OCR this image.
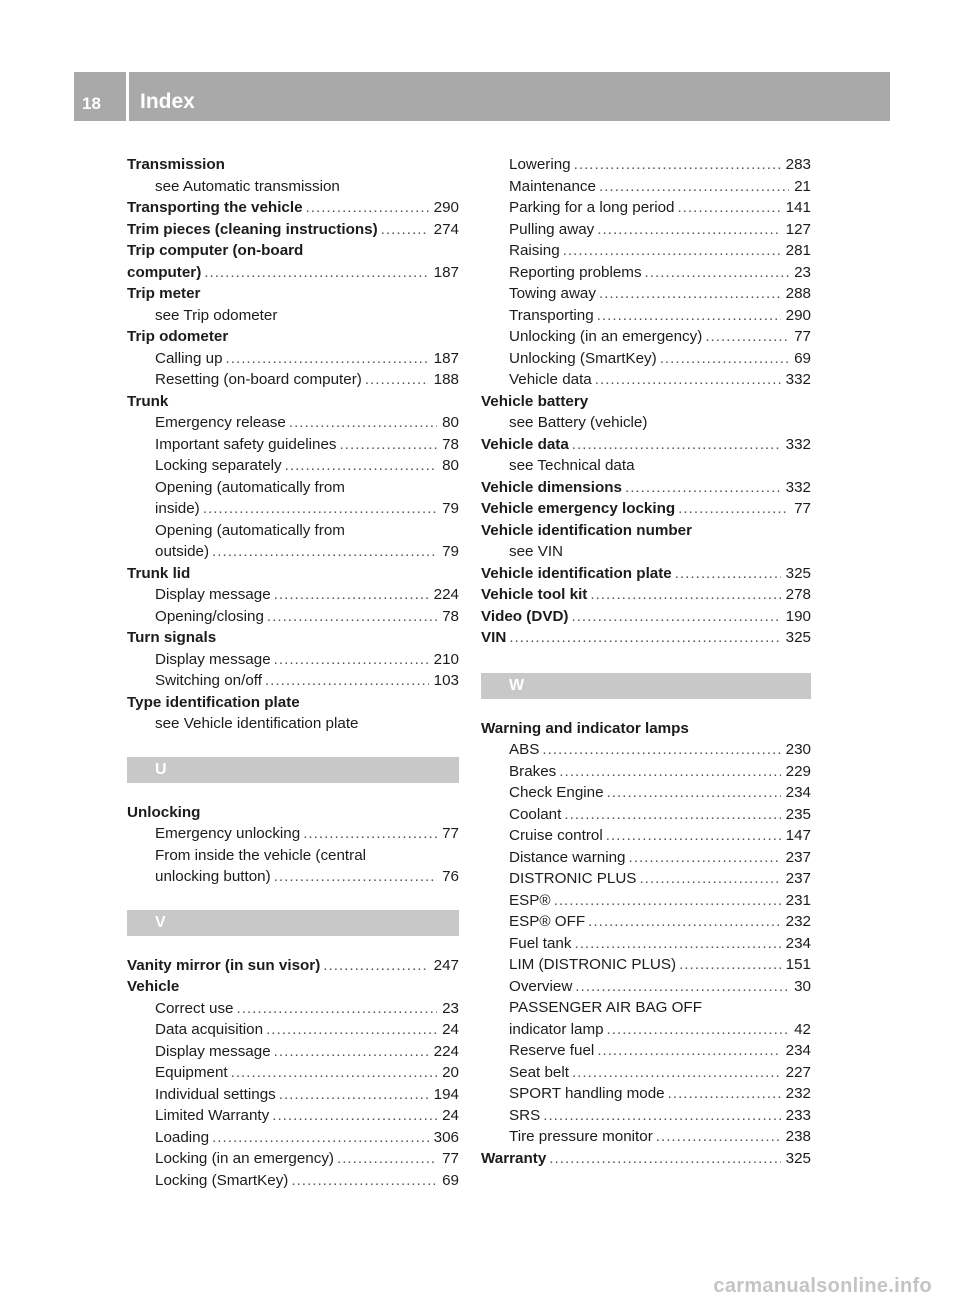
18 Index
Transmission
see Automatic transmission
Transporting the vehicle .....	290
Trim pieces (cleaning instructions) .....	274
Trip computer (on-board
computer) .....	187
Trip meter
see Trip odometer
Trip odometer
Calling up .....	187
Resetting (on-board computer) .....	188
Trunk
Emergency release .....	80
Important safety guidelines .....	78
Locking separately .....	80
Opening (automatically from
inside) .....	79
Opening (automatically from
outside) .....	79
Trunk lid
Display message .....	224
Opening/closing .....	78
Turn signals
Display message .....	210
Switching on/off .....	103
Type identification plate
see Vehicle identification plate
U
Unlocking
Emergency unlocking .....	77
From inside the vehicle (central
unlocking button) .....	76
V
Vanity mirror (in sun visor) .....	247
Vehicle
Correct use .....	23
Data acquisition .....	24
Display message .....	224
Equipment .....	20
Individual settings .....	194
Limited Warranty .....	24
Loading .....	306
Locking (in an emergency) .....	77
Locking (SmartKey) .....	69
Lowering .....	283
Maintenance .....	21
Parking for a long period .....	141
Pulling away .....	127
Raising .....	281
Reporting problems .....	23
Towing away .....	288
Transporting .....	290
Unlocking (in an emergency) .....	77
Unlocking (SmartKey) .....	69
Vehicle data .....	332
Vehicle battery
see Battery (vehicle)
Vehicle data .....	332
see Technical data
Vehicle dimensions .....	332
Vehicle emergency locking .....	77
Vehicle identification number
see VIN
Vehicle identification plate .....	325
Vehicle tool kit .....	278
Video (DVD) .....	190
VIN .....	325
W
Warning and indicator lamps
ABS .....	230
Brakes .....	229
Check Engine .....	234
Coolant .....	235
Cruise control .....	147
Distance warning .....	237
DISTRONIC PLUS .....	237
ESP® .....	231
ESP® OFF .....	232
Fuel tank .....	234
LIM (DISTRONIC PLUS) .....	151
Overview .....	30
PASSENGER AIR BAG OFF
indicator lamp .....	42
Reserve fuel .....	234
Seat belt .....	227
SPORT handling mode .....	232
SRS .....	233
Tire pressure monitor .....	238
Warranty .....	325
carmanualsonline.info
